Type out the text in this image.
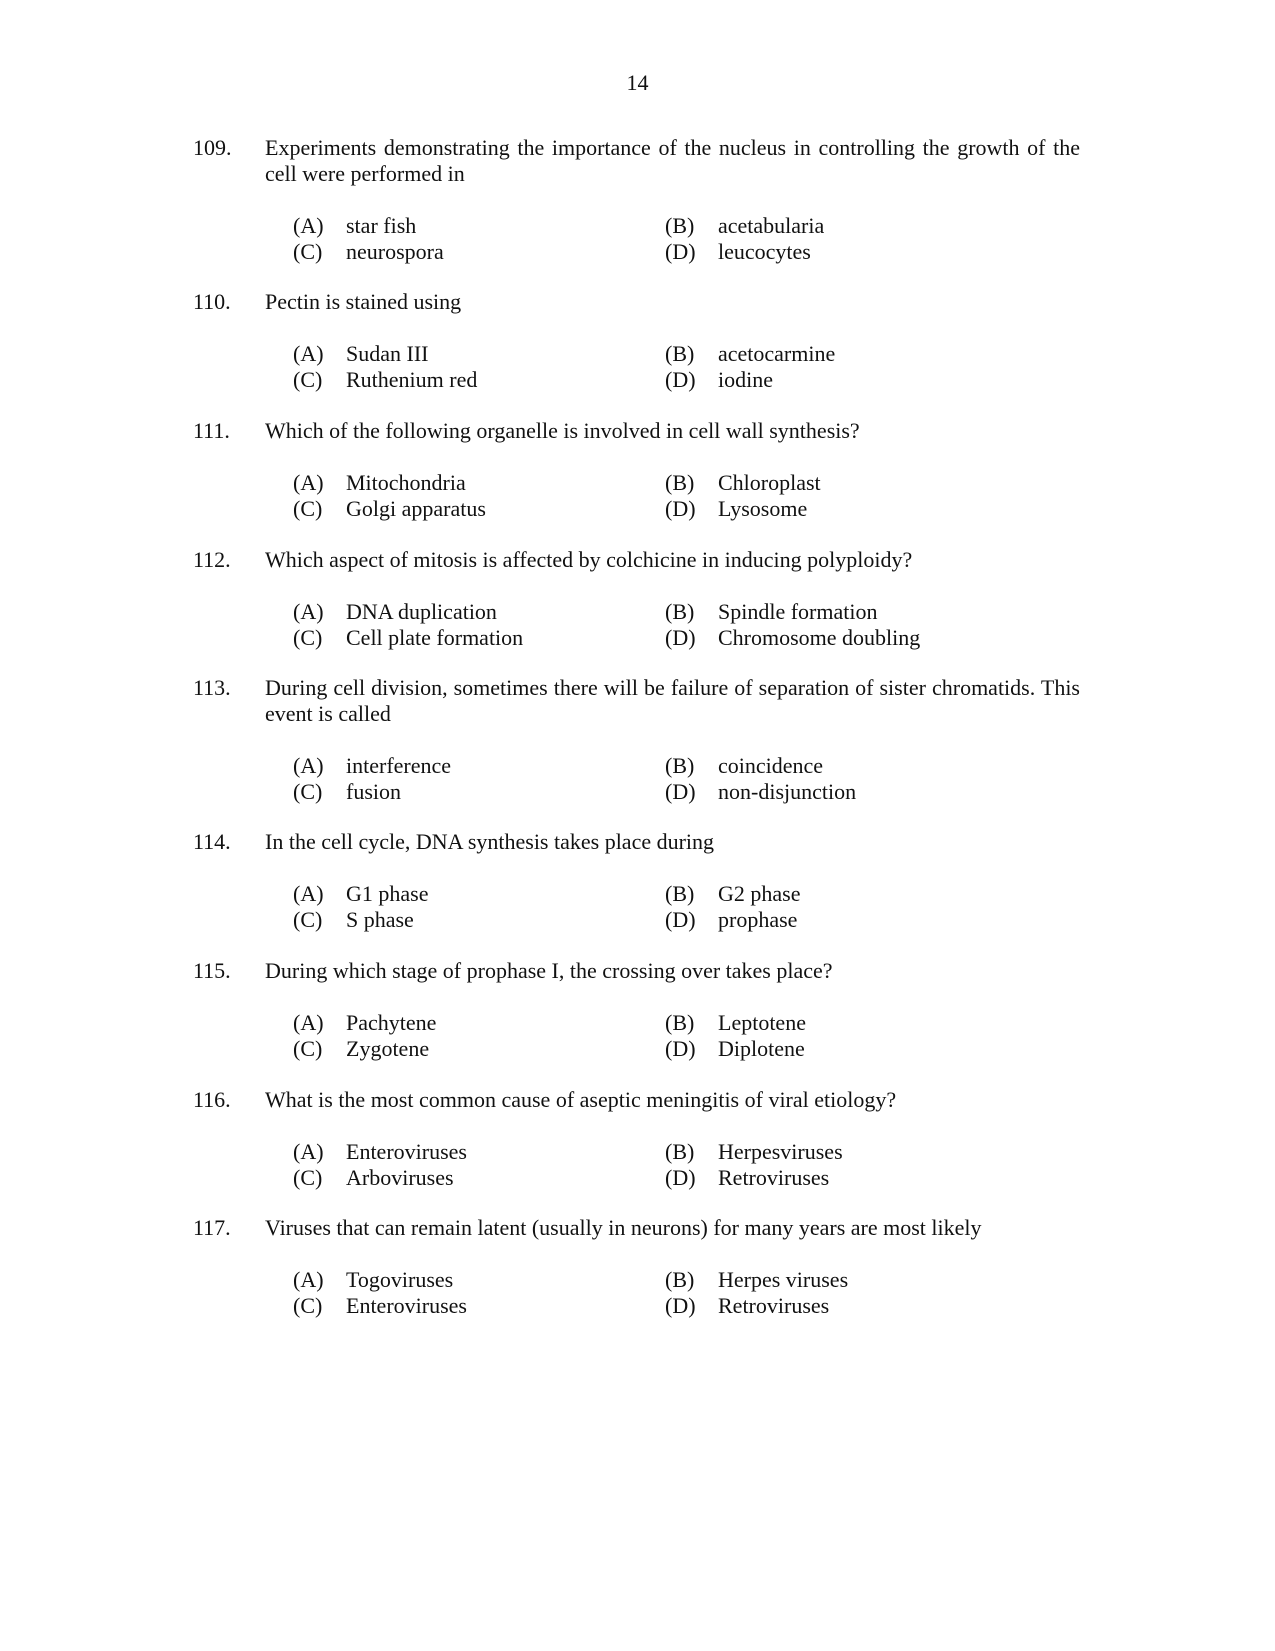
14
109.	Experiments demonstrating the importance of the nucleus in controlling the growth of the cell were performed in
(A) star fish	(B) acetabularia
(C) neurospora	(D) leucocytes
110.	Pectin is stained using
(A) Sudan III	(B) acetocarmine
(C) Ruthenium red	(D) iodine
111.	Which of the following organelle is involved in cell wall synthesis?
(A) Mitochondria	(B) Chloroplast
(C) Golgi apparatus	(D) Lysosome
112.	Which aspect of mitosis is affected by colchicine in inducing polyploidy?
(A) DNA duplication	(B) Spindle formation
(C) Cell plate formation	(D) Chromosome doubling
113.	During cell division, sometimes there will be failure of separation of sister chromatids. This event is called
(A) interference	(B) coincidence
(C) fusion	(D) non-disjunction
114.	In the cell cycle, DNA synthesis takes place during
(A) G1 phase	(B) G2 phase
(C) S phase	(D) prophase
115.	During which stage of prophase I, the crossing over takes place?
(A) Pachytene	(B) Leptotene
(C) Zygotene	(D) Diplotene
116.	What is the most common cause of aseptic meningitis of viral etiology?
(A) Enteroviruses	(B) Herpesviruses
(C) Arboviruses	(D) Retroviruses
117.	Viruses that can remain latent (usually in neurons) for many years are most likely
(A) Togoviruses	(B) Herpes viruses
(C) Enteroviruses	(D) Retroviruses
